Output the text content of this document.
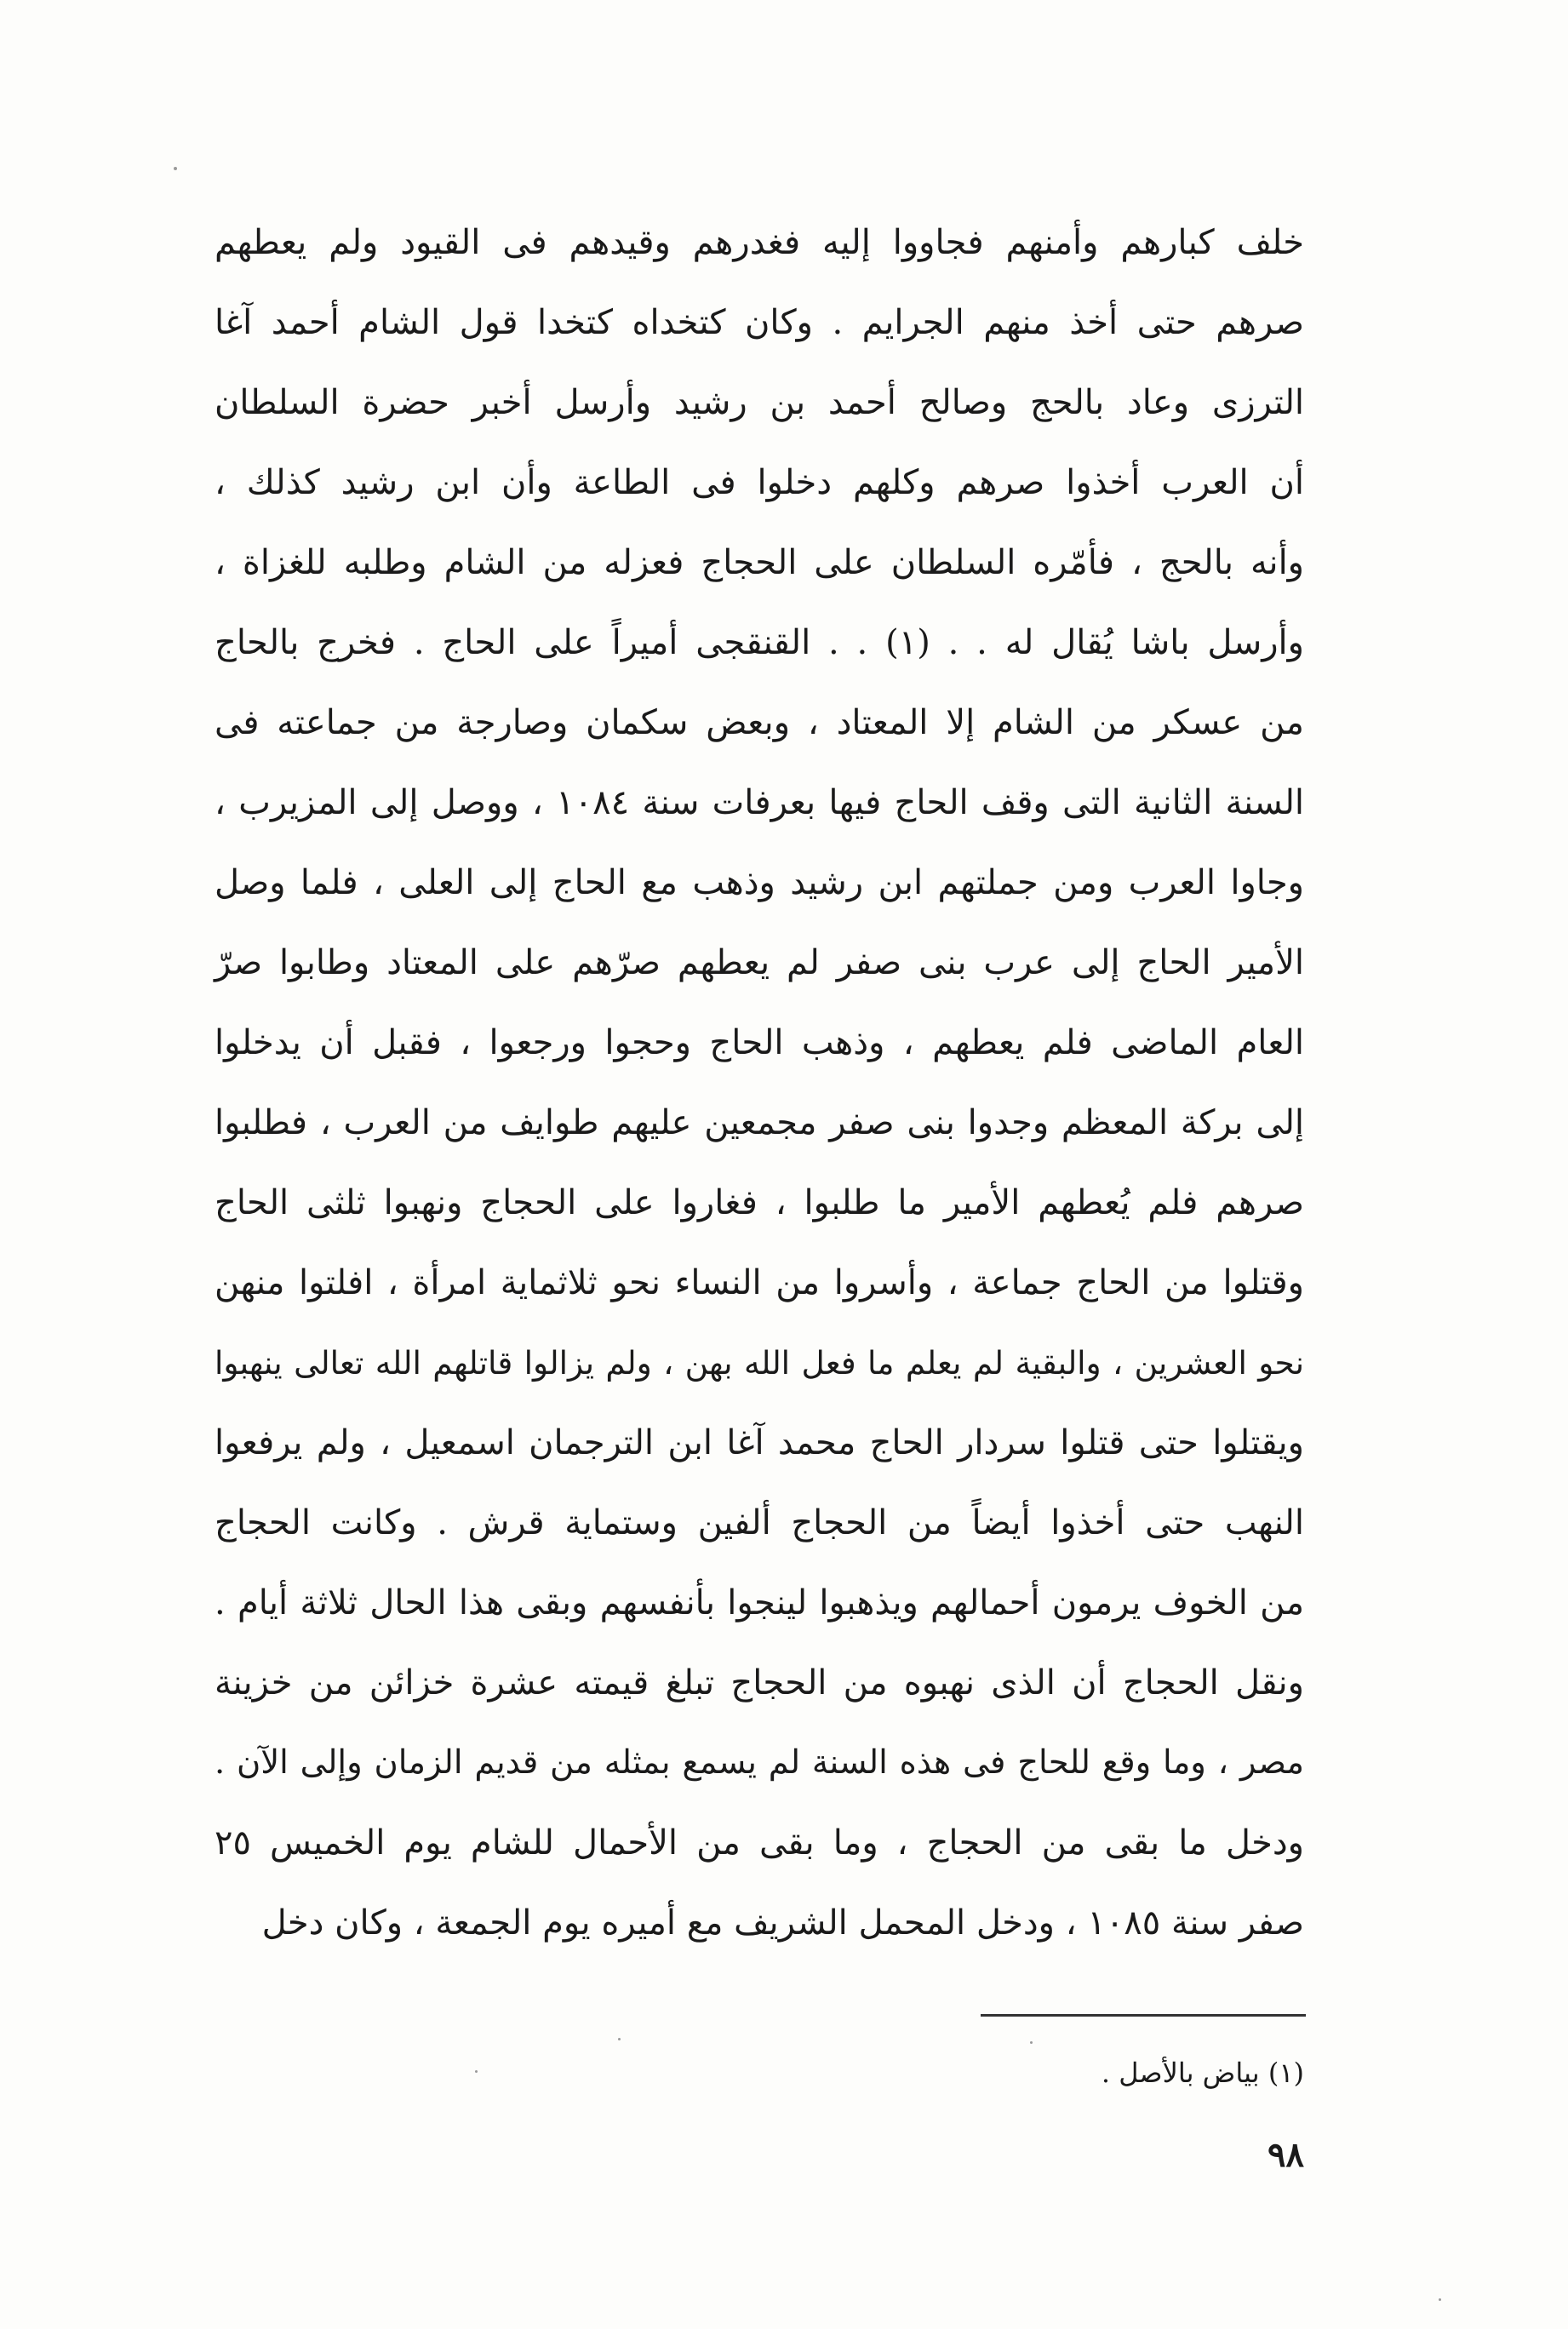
خلف كبارهم وأمنهم فجاووا إليه فغدرهم وقيدهم فى القيود ولم يعطهم
صرهم حتى أخذ منهم الجرايم . وكان كتخداه كتخدا قول الشام أحمد آغا
الترزى وعاد بالحج وصالح أحمد بن رشيد وأرسل أخبر حضرة السلطان
أن العرب أخذوا صرهم وكلهم دخلوا فى الطاعة وأن ابن رشيد كذلك ،
وأنه بالحج ، فأمّره السلطان على الحجاج فعزله من الشام وطلبه للغزاة ،
وأرسل باشا يُقال له . . (١) . . القنقجى أميراً على الحاج . فخرج بالحاج
من عسكر من الشام إلا المعتاد ، وبعض سكمان وصارجة من جماعته فى
السنة الثانية التى وقف الحاج فيها بعرفات سنة ١٠٨٤ ، ووصل إلى المزيرب ،
وجاوا العرب ومن جملتهم ابن رشيد وذهب مع الحاج إلى العلى ، فلما وصل
الأمير الحاج إلى عرب بنى صفر لم يعطهم صرّهم على المعتاد وطابوا صرّ
العام الماضى فلم يعطهم ، وذهب الحاج وحجوا ورجعوا ، فقبل أن يدخلوا
إلى بركة المعظم وجدوا بنى صفر مجمعين عليهم طوايف من العرب ، فطلبوا
صرهم فلم يُعطهم الأمير ما طلبوا ، فغاروا على الحجاج ونهبوا ثلثى الحاج
وقتلوا من الحاج جماعة ، وأسروا من النساء نحو ثلاثماية امرأة ، افلتوا منهن
نحو العشرين ، والبقية لم يعلم ما فعل الله بهن ، ولم يزالوا قاتلهم الله تعالى ينهبوا
ويقتلوا حتى قتلوا سردار الحاج محمد آغا ابن الترجمان اسمعيل ، ولم يرفعوا
النهب حتى أخذوا أيضاً من الحجاج ألفين وستماية قرش . وكانت الحجاج
من الخوف يرمون أحمالهم ويذهبوا لينجوا بأنفسهم وبقى هذا الحال ثلاثة أيام .
ونقل الحجاج أن الذى نهبوه من الحجاج تبلغ قيمته عشرة خزائن من خزينة
مصر ، وما وقع للحاج فى هذه السنة لم يسمع بمثله من قديم الزمان وإلى الآن .
ودخل ما بقى من الحجاج ، وما بقى من الأحمال للشام يوم الخميس ٢٥
صفر سنة ١٠٨٥ ، ودخل المحمل الشريف مع أميره يوم الجمعة ، وكان دخل
(١) بياض بالأصل .
٩٨
